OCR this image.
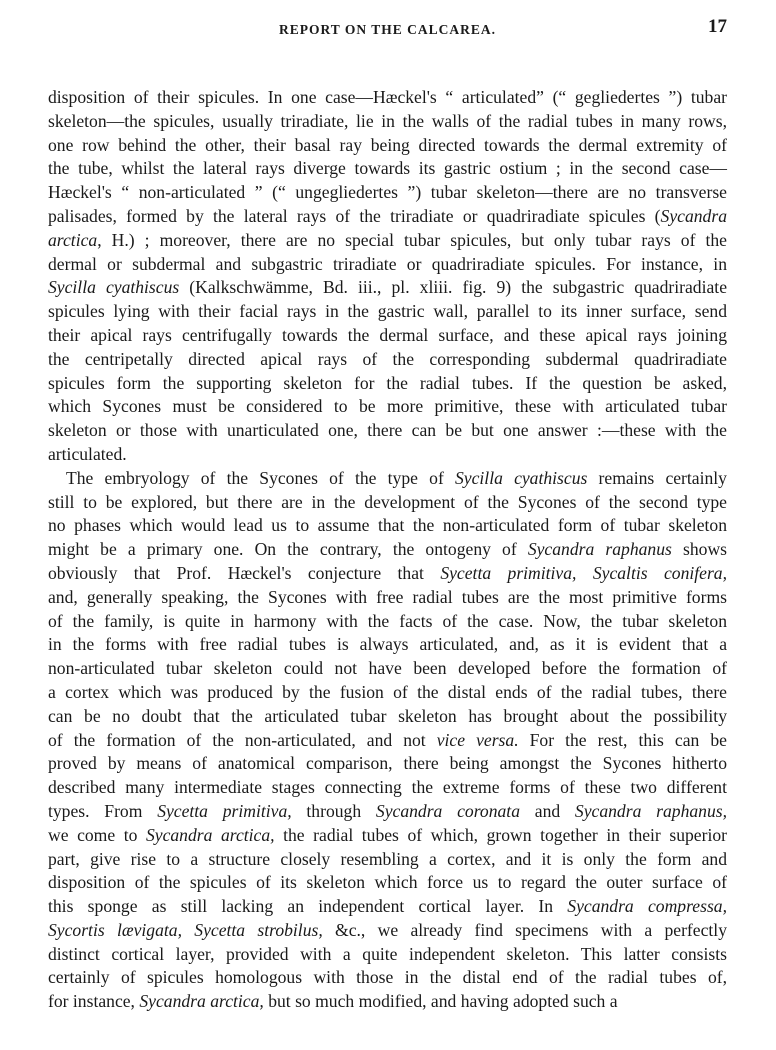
REPORT ON THE CALCAREA.	17
disposition of their spicules. In one case—Hæckel's “ articulated” (“ gegliedertes ”) tubar
skeleton—the spicules, usually triradiate, lie in the walls of the radial tubes in many rows,
one row behind the other, their basal ray being directed towards the dermal extremity of
the tube, whilst the lateral rays diverge towards its gastric ostium ; in the second case—
Hæckel's “ non-articulated ” (“ ungegliedertes ”) tubar skeleton—there are no transverse
palisades, formed by the lateral rays of the triradiate or quadriradiate spicules (Sycandra
arctica, H.) ; moreover, there are no special tubar spicules, but only tubar rays of the
dermal or subdermal and subgastric triradiate or quadriradiate spicules. For instance, in
Sycilla cyathiscus (Kalkschwämme, Bd. iii., pl. xliii. fig. 9) the subgastric quadriradiate
spicules lying with their facial rays in the gastric wall, parallel to its inner surface, send
their apical rays centrifugally towards the dermal surface, and these apical rays joining
the centripetally directed apical rays of the corresponding subdermal quadriradiate
spicules form the supporting skeleton for the radial tubes. If the question be asked,
which Sycones must be considered to be more primitive, these with articulated tubar
skeleton or those with unarticulated one, there can be but one answer :—these with the
articulated.
The embryology of the Sycones of the type of Sycilla cyathiscus remains certainly
still to be explored, but there are in the development of the Sycones of the second type
no phases which would lead us to assume that the non-articulated form of tubar skeleton
might be a primary one. On the contrary, the ontogeny of Sycandra raphanus shows
obviously that Prof. Hæckel's conjecture that Sycetta primitiva, Sycaltis conifera,
and, generally speaking, the Sycones with free radial tubes are the most primitive forms
of the family, is quite in harmony with the facts of the case. Now, the tubar skeleton
in the forms with free radial tubes is always articulated, and, as it is evident that a
non-articulated tubar skeleton could not have been developed before the formation of
a cortex which was produced by the fusion of the distal ends of the radial tubes, there
can be no doubt that the articulated tubar skeleton has brought about the possibility
of the formation of the non-articulated, and not vice versa. For the rest, this can be
proved by means of anatomical comparison, there being amongst the Sycones hitherto
described many intermediate stages connecting the extreme forms of these two different
types. From Sycetta primitiva, through Sycandra coronata and Sycandra raphanus,
we come to Sycandra arctica, the radial tubes of which, grown together in their superior
part, give rise to a structure closely resembling a cortex, and it is only the form and
disposition of the spicules of its skeleton which force us to regard the outer surface of
this sponge as still lacking an independent cortical layer. In Sycandra compressa,
Sycortis lævigata, Sycetta strobilus, &c., we already find specimens with a perfectly
distinct cortical layer, provided with a quite independent skeleton. This latter consists
certainly of spicules homologous with those in the distal end of the radial tubes of,
for instance, Sycandra arctica, but so much modified, and having adopted such a
